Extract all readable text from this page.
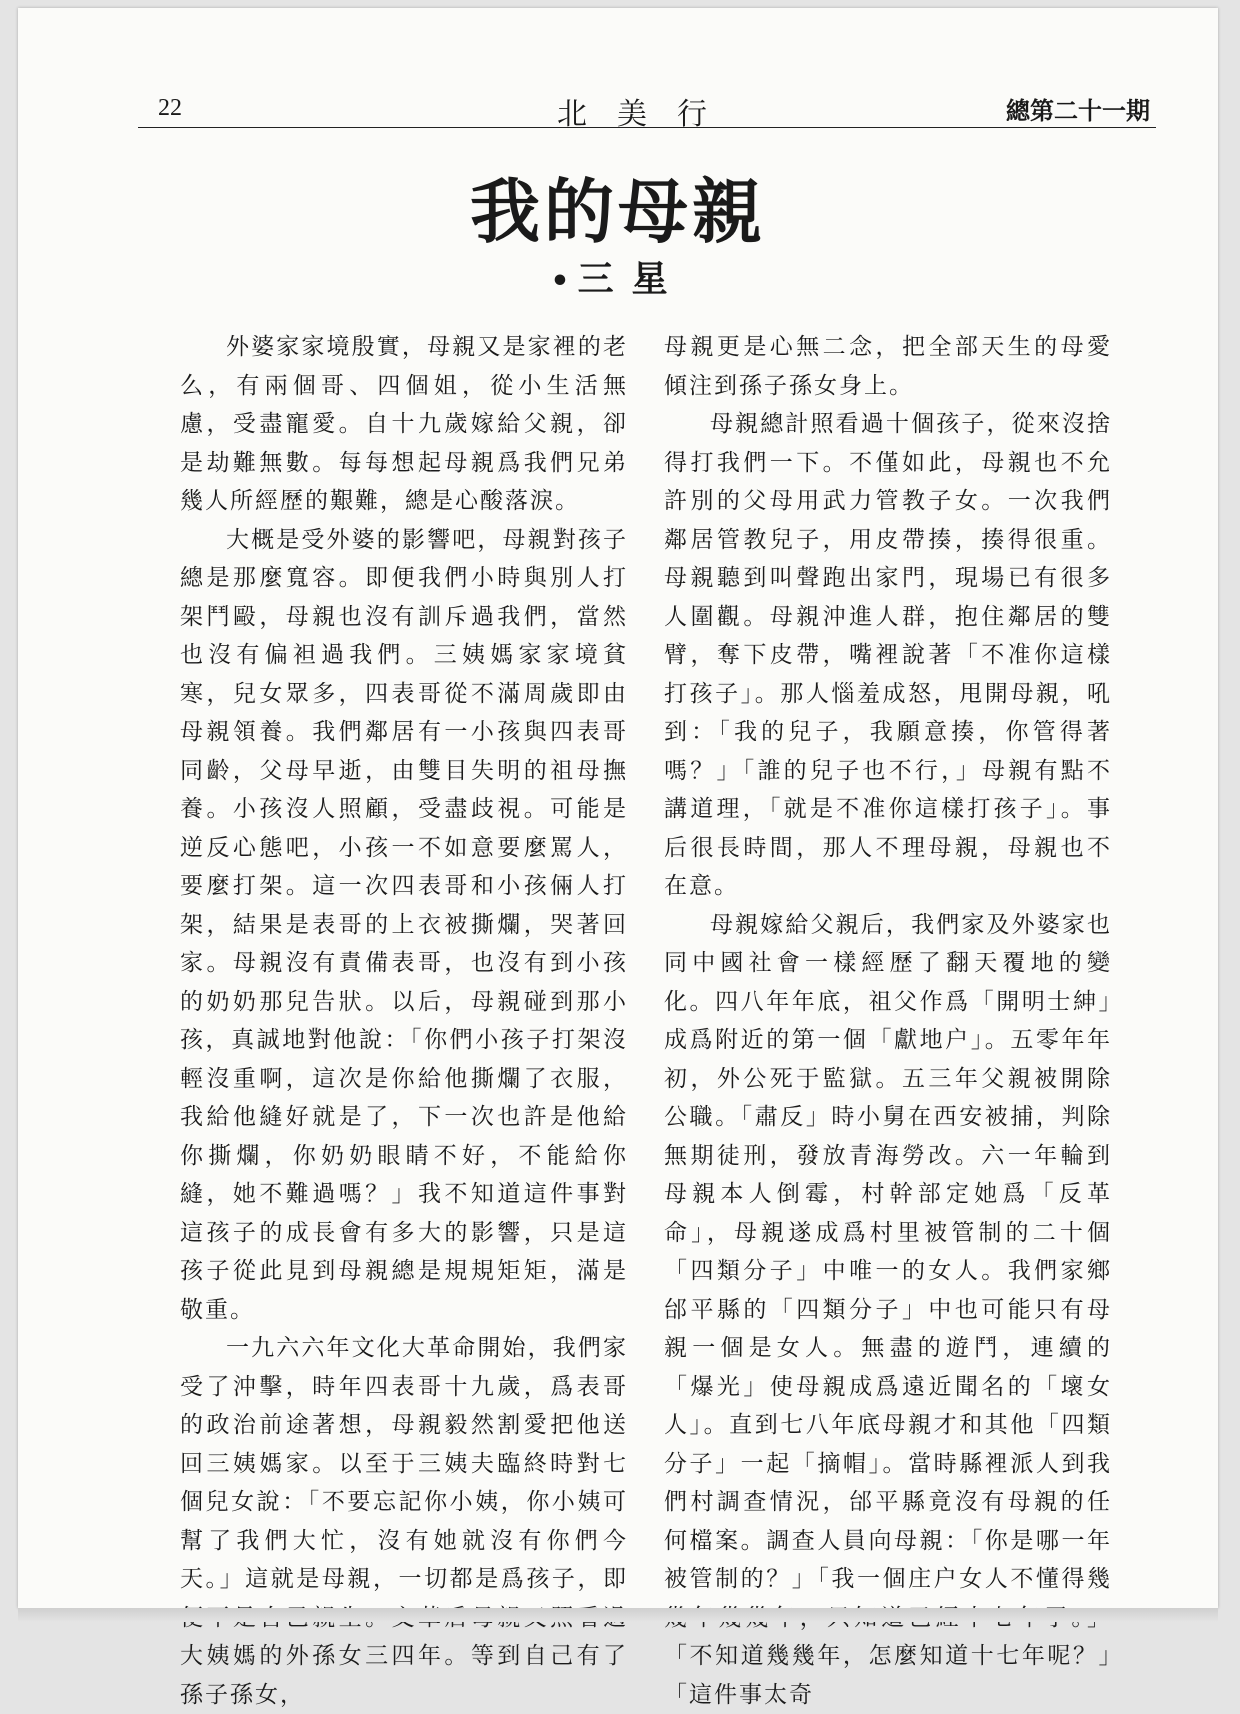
22	北美行	總第二十一期
我的母親
• 三星

外婆家家境殷實，母親又是家裡的老么，有兩個哥、四個姐，從小生活無慮，受盡寵愛。自十九歲嫁給父親，卻是劫難無數。每每想起母親爲我們兄弟幾人所經歷的艱難，總是心酸落淚。

大概是受外婆的影響吧，母親對孩子總是那麼寬容。即便我們小時與別人打架鬥毆，母親也沒有訓斥過我們，當然也沒有偏袒過我們。三姨媽家家境貧寒，兒女眾多，四表哥從不滿周歲即由母親領養。我們鄰居有一小孩與四表哥同齡，父母早逝，由雙目失明的祖母撫養。小孩沒人照顧，受盡歧視。可能是逆反心態吧，小孩一不如意要麼罵人，要麼打架。這一次四表哥和小孩倆人打架，結果是表哥的上衣被撕爛，哭著回家。母親沒有責備表哥，也沒有到小孩的奶奶那兒告狀。以后，母親碰到那小孩，真誠地對他說：「你們小孩子打架沒輕沒重啊，這次是你給他撕爛了衣服，我給他縫好就是了，下一次也許是他給你撕爛，你奶奶眼睛不好，不能給你縫，她不難過嗎？」我不知道這件事對這孩子的成長會有多大的影響，只是這孩子從此見到母親總是規規矩矩，滿是敬重。

一九六六年文化大革命開始，我們家受了沖擊，時年四表哥十九歲，爲表哥的政治前途著想，母親毅然割愛把他送回三姨媽家。以至于三姨夫臨終時對七個兒女說：「不要忘記你小姨，你小姨可幫了我們大忙，沒有她就沒有你們今天。」這就是母親，一切都是爲孩子，即 大姨媽的外孫女三四年。等到自己有了孫子孫女，

母親更是心無二念，把全部天生的母愛傾注到孫子孫女身上。

母親總計照看過十個孩子，從來沒捨得打我們一下。不僅如此，母親也不允許別的父母用武力管教子女。一次我們鄰居管教兒子，用皮帶揍，揍得很重。母親聽到叫聲跑出家門，現場已有很多人圍觀。母親沖進人群，抱住鄰居的雙臂，奪下皮帶，嘴裡說著「不准你這樣打孩子」。那人惱羞成怒，甩開母親，吼到：「我的兒子，我願意揍，你管得著嗎？」「誰的兒子也不行，」母親有點不講道理，「就是不准你這樣打孩子」。事后很長時間，那人不理母親，母親也不在意。

母親嫁給父親后，我們家及外婆家也同中國社會一樣經歷了翻天覆地的變化。四八年年底，祖父作爲「開明士紳」成爲附近的第一個「獻地户」。五零年年初，外公死于監獄。五三年父親被開除公職。「肅反」時小舅在西安被捕，判除無期徒刑，發放青海勞改。六一年輪到母親本人倒霉，村幹部定她爲「反革命」，母親遂成爲村里被管制的二十個「四類分子」中唯一的女人。我們家鄉邰平縣的「四類分子」中也可能只有母親一個是女人。無盡的遊鬥，連續的「爆光」使母親成爲遠近聞名的「壞女人」。直到七八年底母親才和其他「四類分子」一起「摘帽」。當時縣裡派人到我們村調查情況，邰平縣竟沒有母親的任何檔案。調查人員向母親：「你是哪一年被管制的？」「我一個庄户女人不懂得幾 「不知道幾幾年，怎麼知道十七年呢？」「這件事太奇
